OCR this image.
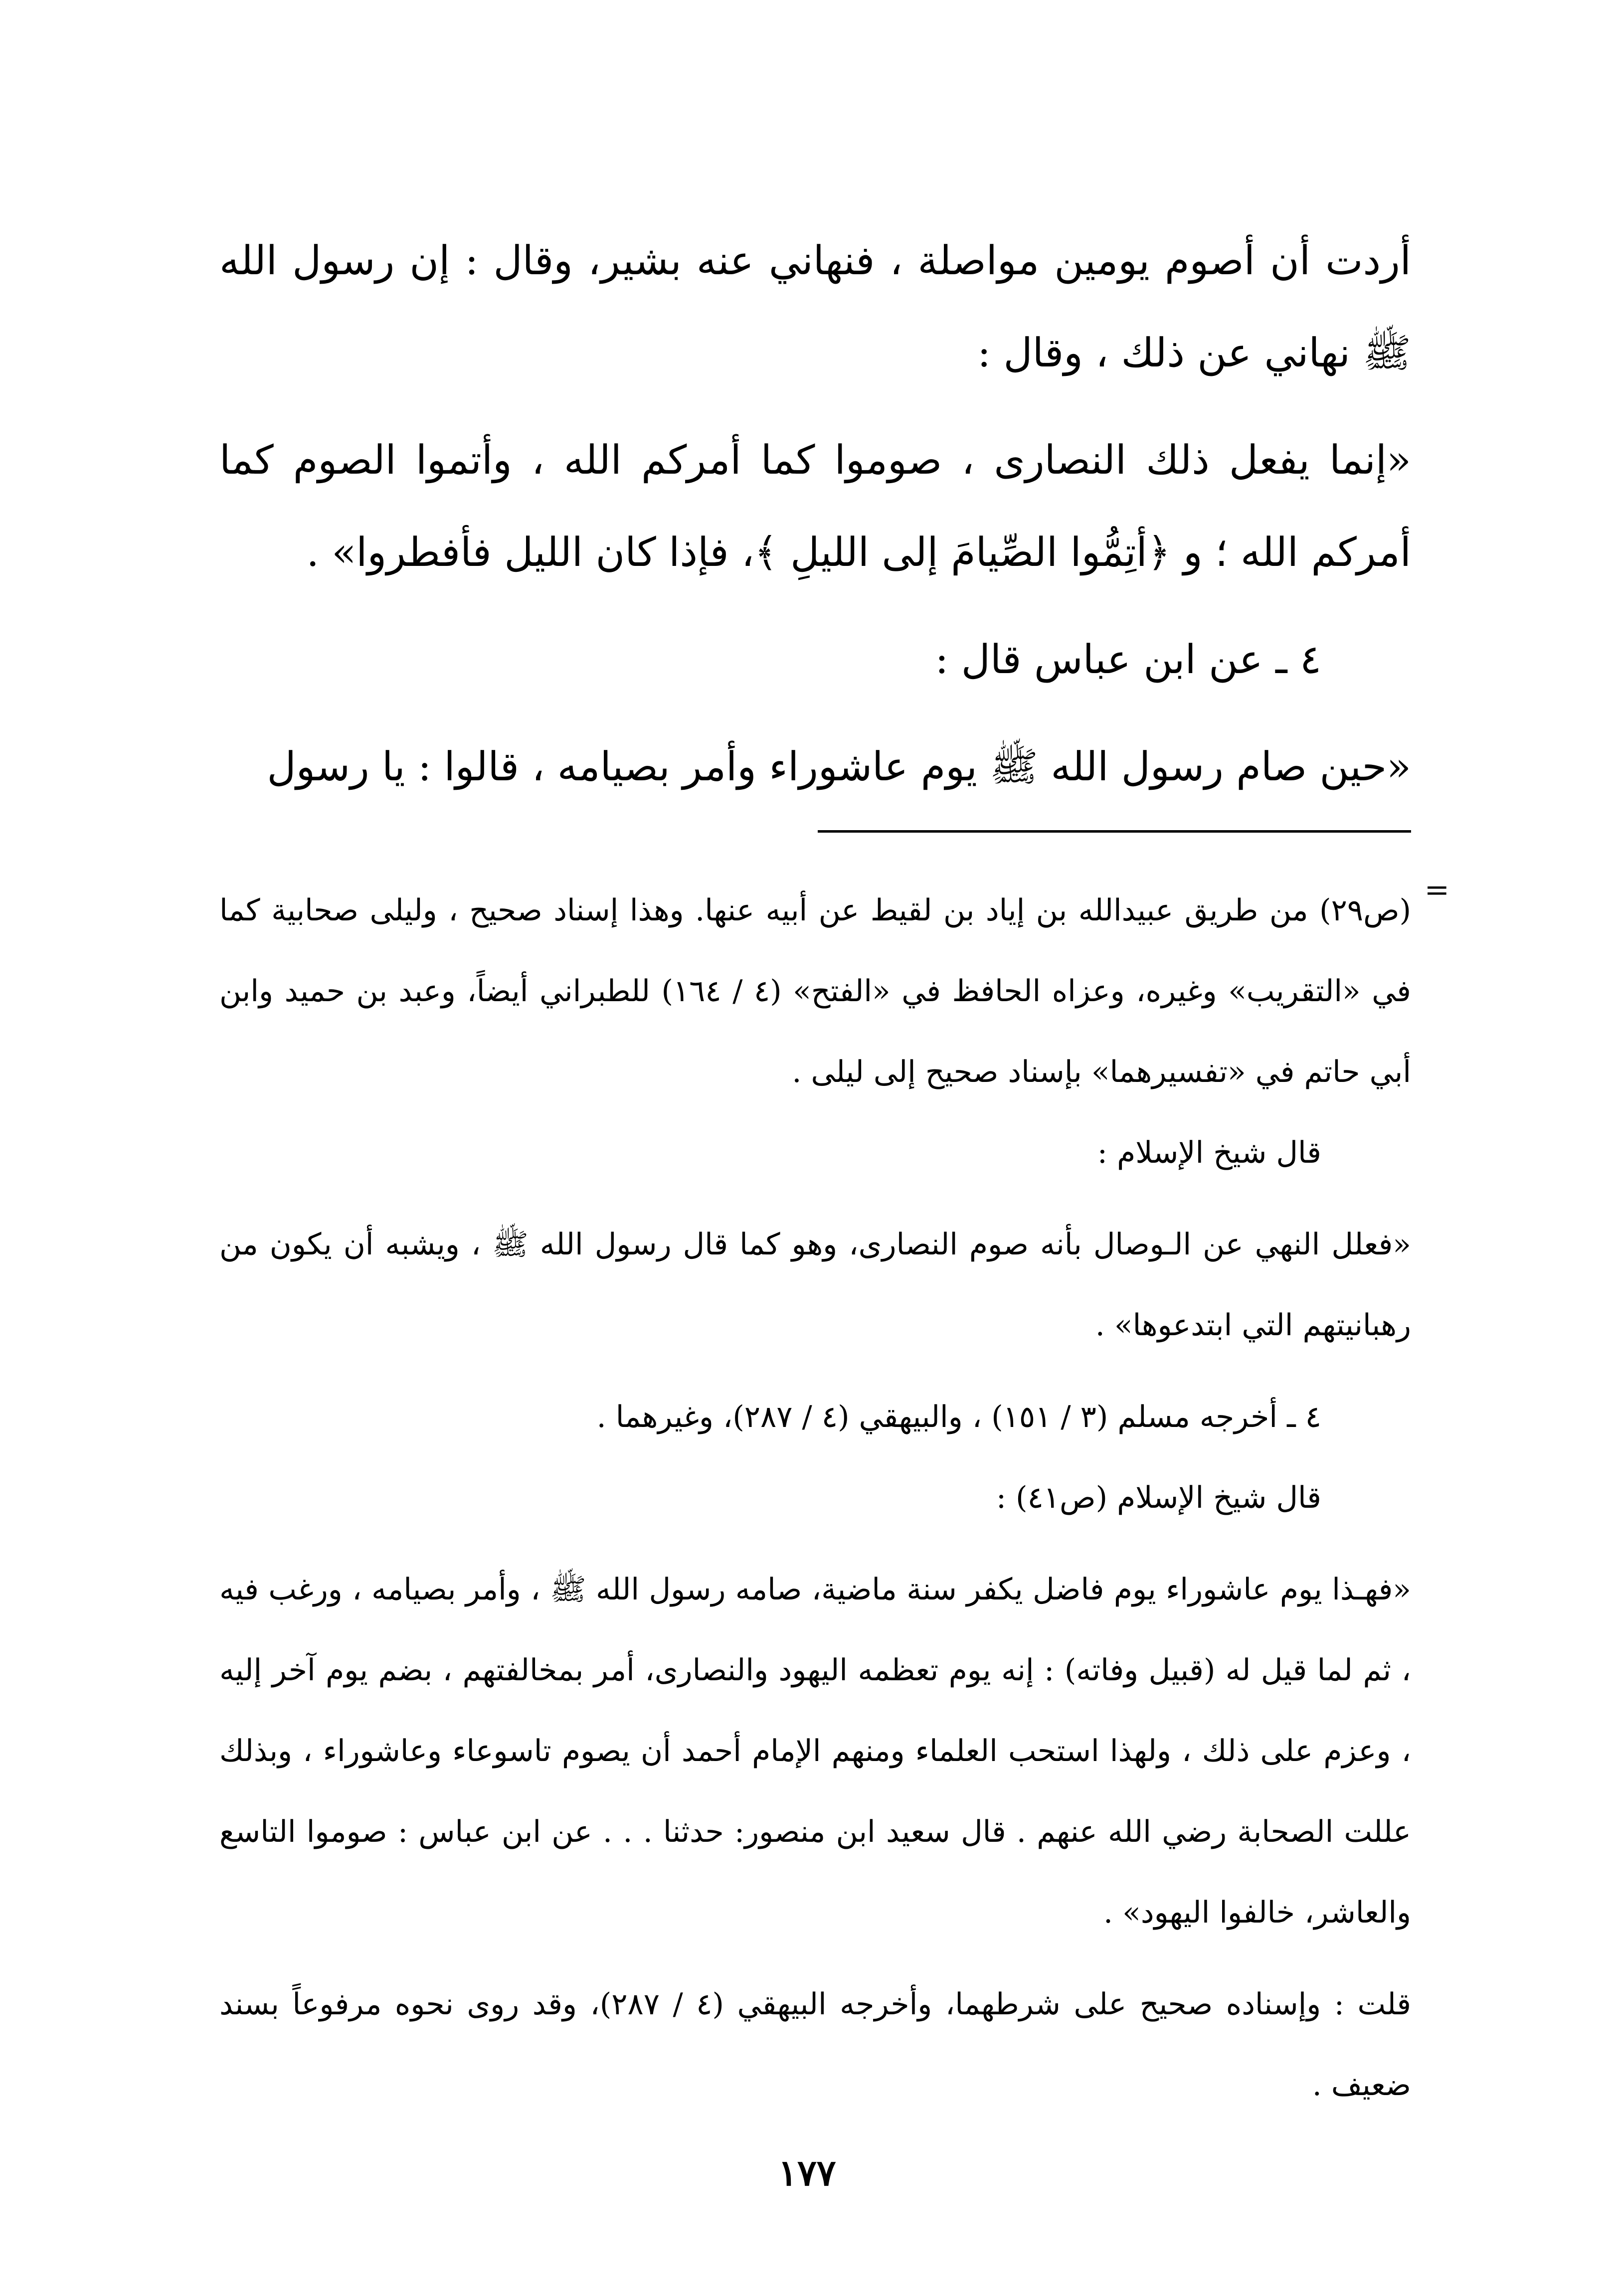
أردت أن أصوم يومين مواصلة ، فنهاني عنه بشير، وقال : إن رسول الله ﷺ نهاني عن ذلك ، وقال :

«إنما يفعل ذلك النصارى ، صوموا كما أمركم الله ، وأتموا الصوم كما أمركم الله ؛ و ﴿أتِمُّوا الصِّيامَ إلى الليلِ ﴾، فإذا كان الليل فأفطروا» .

٤ ـ عن ابن عباس قال :

«حين صام رسول الله ﷺ يوم عاشوراء وأمر بصيامه ، قالوا : يا رسول

=

(ص٢٩) من طريق عبيدالله بن إياد بن لقيط عن أبيه عنها. وهذا إسناد صحيح ، وليلى صحابية كما في «التقريب» وغيره، وعزاه الحافظ في «الفتح» (٤ / ١٦٤) للطبراني أيضاً، وعبد بن حميد وابن أبي حاتم في «تفسيرهما» بإسناد صحيح إلى ليلى .

قال شيخ الإسلام :

«فعلل النهي عن الـوصال بأنه صوم النصارى، وهو كما قال رسول الله ﷺ ، ويشبه أن يكون من رهبانيتهم التي ابتدعوها» .

٤ ـ أخرجه مسلم (٣ / ١٥١) ، والبيهقي (٤ / ٢٨٧)، وغيرهما .

قال شيخ الإسلام (ص٤١) :

«فهـذا يوم عاشوراء يوم فاضل يكفر سنة ماضية، صامه رسول الله ﷺ ، وأمر بصيامه ، ورغب فيه ، ثم لما قيل له (قبيل وفاته) : إنه يوم تعظمه اليهود والنصارى، أمر بمخالفتهم ، بضم يوم آخر إليه ، وعزم على ذلك ، ولهذا استحب العلماء ومنهم الإمام أحمد أن يصوم تاسوعاء وعاشوراء ، وبذلك عللت الصحابة رضي الله عنهم . قال سعيد ابن منصور: حدثنا . . . عن ابن عباس : صوموا التاسع والعاشر، خالفوا اليهود» .

قلت : وإسناده صحيح على شرطهما، وأخرجه البيهقي (٤ / ٢٨٧)، وقد روى نحوه مرفوعاً بسند ضعيف .

١٧٧
